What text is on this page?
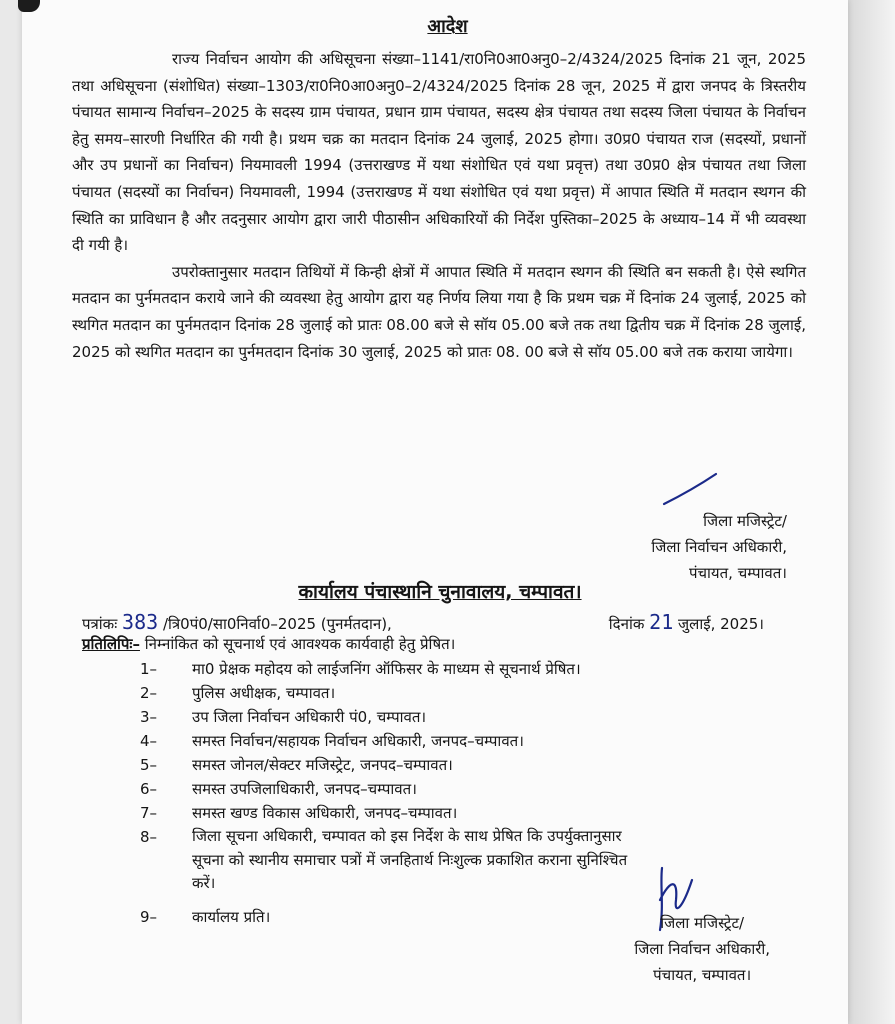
आदेश

राज्य निर्वाचन आयोग की अधिसूचना संख्या–1141/रा0नि0आ0अनु0–2/4324/2025 दिनांक 21 जून, 2025 तथा अधिसूचना (संशोधित) संख्या–1303/रा0नि0आ0अनु0–2/4324/2025 दिनांक 28 जून, 2025 में द्वारा जनपद के त्रिस्तरीय पंचायत सामान्य निर्वाचन–2025 के सदस्य ग्राम पंचायत, प्रधान ग्राम पंचायत, सदस्य क्षेत्र पंचायत तथा सदस्य जिला पंचायत के निर्वाचन हेतु समय–सारणी निर्धारित की गयी है। प्रथम चक्र का मतदान दिनांक 24 जुलाई, 2025 होगा। उ0प्र0 पंचायत राज (सदस्यों, प्रधानों और उप प्रधानों का निर्वाचन) नियमावली 1994 (उत्तराखण्ड में यथा संशोधित एवं यथा प्रवृत्त) तथा उ0प्र0 क्षेत्र पंचायत तथा जिला पंचायत (सदस्यों का निर्वाचन) नियमावली, 1994 (उत्तराखण्ड में यथा संशोधित एवं यथा प्रवृत्त) में आपात स्थिति में मतदान स्थगन की स्थिति का प्राविधान है और तदनुसार आयोग द्वारा जारी पीठासीन अधिकारियों की निर्देश पुस्तिका–2025 के अध्याय–14 में भी व्यवस्था दी गयी है।

उपरोक्तानुसार मतदान तिथियों में किन्ही क्षेत्रों में आपात स्थिति में मतदान स्थगन की स्थिति बन सकती है। ऐसे स्थगित मतदान का पुर्नमतदान कराये जाने की व्यवस्था हेतु आयोग द्वारा यह निर्णय लिया गया है कि प्रथम चक्र में दिनांक 24 जुलाई, 2025 को स्थगित मतदान का पुर्नमतदान दिनांक 28 जुलाई को प्रातः 08.00 बजे से सॉय 05.00 बजे तक तथा द्वितीय चक्र में दिनांक 28 जुलाई, 2025 को स्थगित मतदान का पुर्नमतदान दिनांक 30 जुलाई, 2025 को प्रातः 08. 00 बजे से सॉय 05.00 बजे तक कराया जायेगा।

जिला मजिस्ट्रेट/
जिला निर्वाचन अधिकारी,
पंचायत, चम्पावत।
कार्यालय पंचास्थानि चुनावालय, चम्पावत।
पत्रांकः 383 /त्रि0पं0/सा0निर्वा0–2025 (पुनर्मतदान),	दिनांक 21 जुलाई, 2025।
प्रतिलिपिः– निम्नांकित को सूचनार्थ एवं आवश्यक कार्यवाही हेतु प्रेषित।
1– मा0 प्रेक्षक महोदय को लाईजनिंग ऑफिसर के माध्यम से सूचनार्थ प्रेषित।
2– पुलिस अधीक्षक, चम्पावत।
3– उप जिला निर्वाचन अधिकारी पं0, चम्पावत।
4– समस्त निर्वाचन/सहायक निर्वाचन अधिकारी, जनपद–चम्पावत।
5– समस्त जोनल/सेक्टर मजिस्ट्रेट, जनपद–चम्पावत।
6– समस्त उपजिलाधिकारी, जनपद–चम्पावत।
7– समस्त खण्ड विकास अधिकारी, जनपद–चम्पावत।
8– जिला सूचना अधिकारी, चम्पावत को इस निर्देश के साथ प्रेषित कि उपर्युक्तानुसार
सूचना को स्थानीय समाचार पत्रों में जनहितार्थ निःशुल्क प्रकाशित कराना सुनिश्चित
करें।
9– कार्यालय प्रति।	जिला मजिस्ट्रेट/
जिला निर्वाचन अधिकारी,
पंचायत, चम्पावत।
